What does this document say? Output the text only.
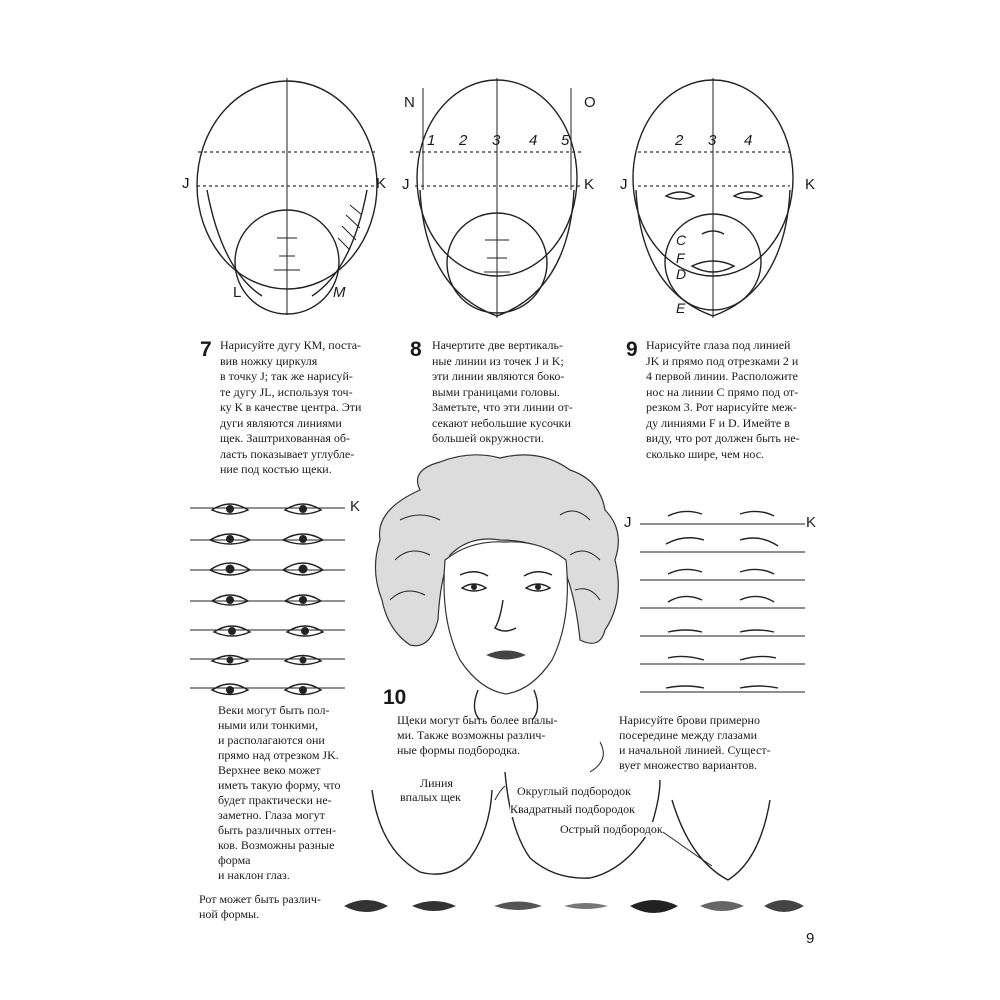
J	K
L	M
N	O
J	K
1 2 3 4 5
J	K
2 3 4
C
F
D
E
7 Нарисуйте дугу КМ, поста-
вив ножку циркуля
в точку J; так же нарисуй-
те дугу JL, используя точ-
ку К в качестве центра. Эти
дуги являются линиями
щек. Заштрихованная об-
ласть показывает углубле-
ние под костью щеки.
8 Начертите две вертикаль-
ные линии из точек J и K;
эти линии являются боко-
выми границами головы.
Заметьте, что эти линии от-
секают небольшие кусочки
большей окружности.
9 Нарисуйте глаза под линией
JK и прямо под отрезками 2 и
4 первой линии. Расположите
нос на линии С прямо под от-
резком 3. Рот нарисуйте меж-
ду линиями F и D. Имейте в
виду, что рот должен быть не-
сколько шире, чем нос.
K
Веки могут быть пол-
ными или тонкими,
и располагаются они
прямо над отрезком JK.
Верхнее веко может
иметь такую форму, что
будет практически не-
заметно. Глаза могут
быть различных оттен-
ков. Возможны разные
форма
и наклон глаз.
10
Щеки могут быть более впалы-
ми. Также возможны различ-
ные формы подбородка.
J	K
Нарисуйте брови примерно
посередине между глазами
и начальной линией. Сущест-
вует множество вариантов.
Линия
впалых щек	Округлый подбородок
Квадратный подбородок
Острый подбородок
Рот может быть различ-
ной формы.
9
